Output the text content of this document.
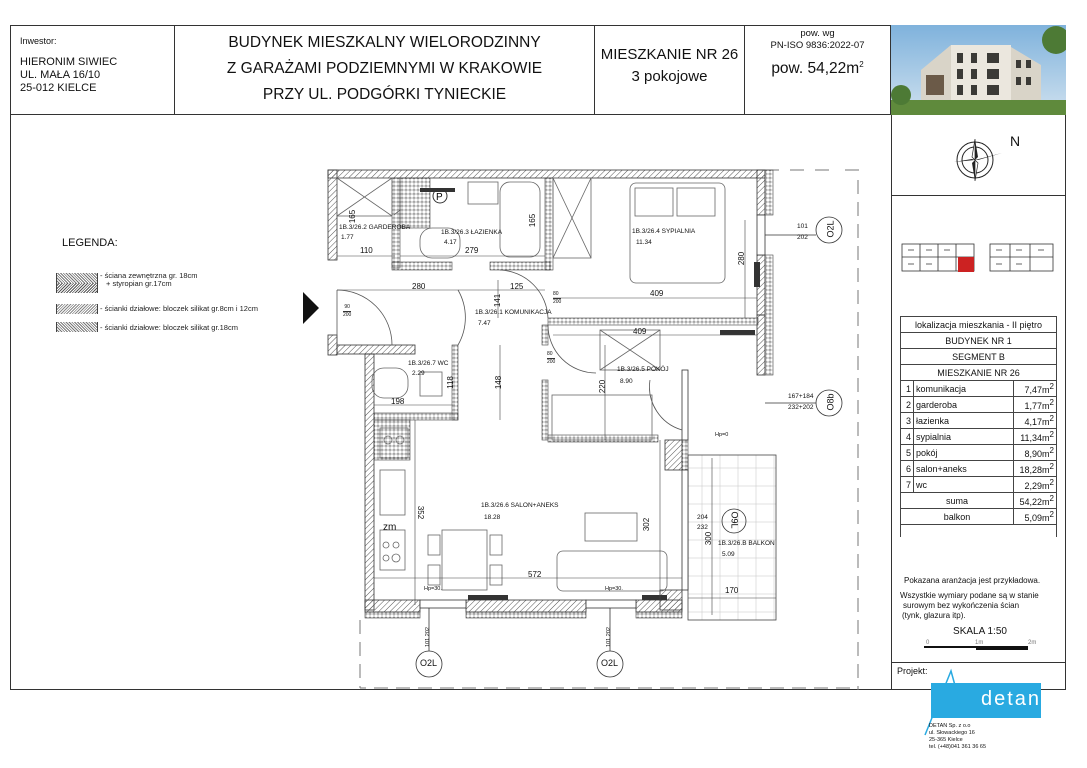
Inwestor:
HIERONIM SIWIEC
UL. MAŁA 16/10
25-012 KIELCE
BUDYNEK MIESZKALNY WIELORODZINNY
Z GARAŻAMI PODZIEMNYMI W KRAKOWIE
PRZY UL. PODGÓRKI TYNIECKIE
MIESZKANIE NR 26
3 pokojowe
pow. wg
PN-ISO 9836:2022-07
pow. $54,22m^2$
N
lokalizacja mieszkania - II piętro		
BUDYNEK NR 1		
SEGMENT B		
MIESZKANIE NR 26		
1	komunikacja	$7,47m^2$
2	garderoba	$1,77m^2$
3	łazienka	$4,17m^2$
4	sypialnia	$11,34m^2$
5	pokój	$8,90m^2$
6	salon+aneks	$18,28m^2$
7	wc	$2,29m^2$
suma		$54,22m^2$
balkon		$5,09m^2$

Pokazana aranżacja jest przykładowa.
Wszystkie wymiary podane są w stanie
surowym bez wykończenia ścian
(tynk, glazura itp).
SKALA 1:50
0	1m	2m
Projekt:
detan
DETAN Sp. z o.o
ul. Słowackiego 16
25-365 Kielce
tel. (+48)041 361 36 65
LEGENDA:
- ściana zewnętrzna gr. 18cm
+ styropian gr.17cm
- ścianki działowe: bloczek silikat gr.8cm i 12cm
- ścianki działowe: bloczek silikat gr.18cm
P
1B.3/26.2 GARDEROBA
1.77
1B.3/26.3 ŁAZIENKA
4.17
1B.3/26.4 SYPIALNIA
11.34
1B.3/26.1 KOMUNIKACJA
7.47
1B.3/26.7 WC
2.29
1B.3/26.5 POKÓJ
8.90
1B.3/26.6 SALON+ANEKS
18.28
1B.3/26.B BALKON
5.09
110	279
280	125
409
409
198
572
170
204
232
165	165
141
280
118	148	220
352
302
300
90
200
80
200
80
200
101
202 O2L
167+184
232+202 O8b
O2L	O2L
O9L
101 202
101 202
Hp=30.	Hp=30.
Hp=0
zm
